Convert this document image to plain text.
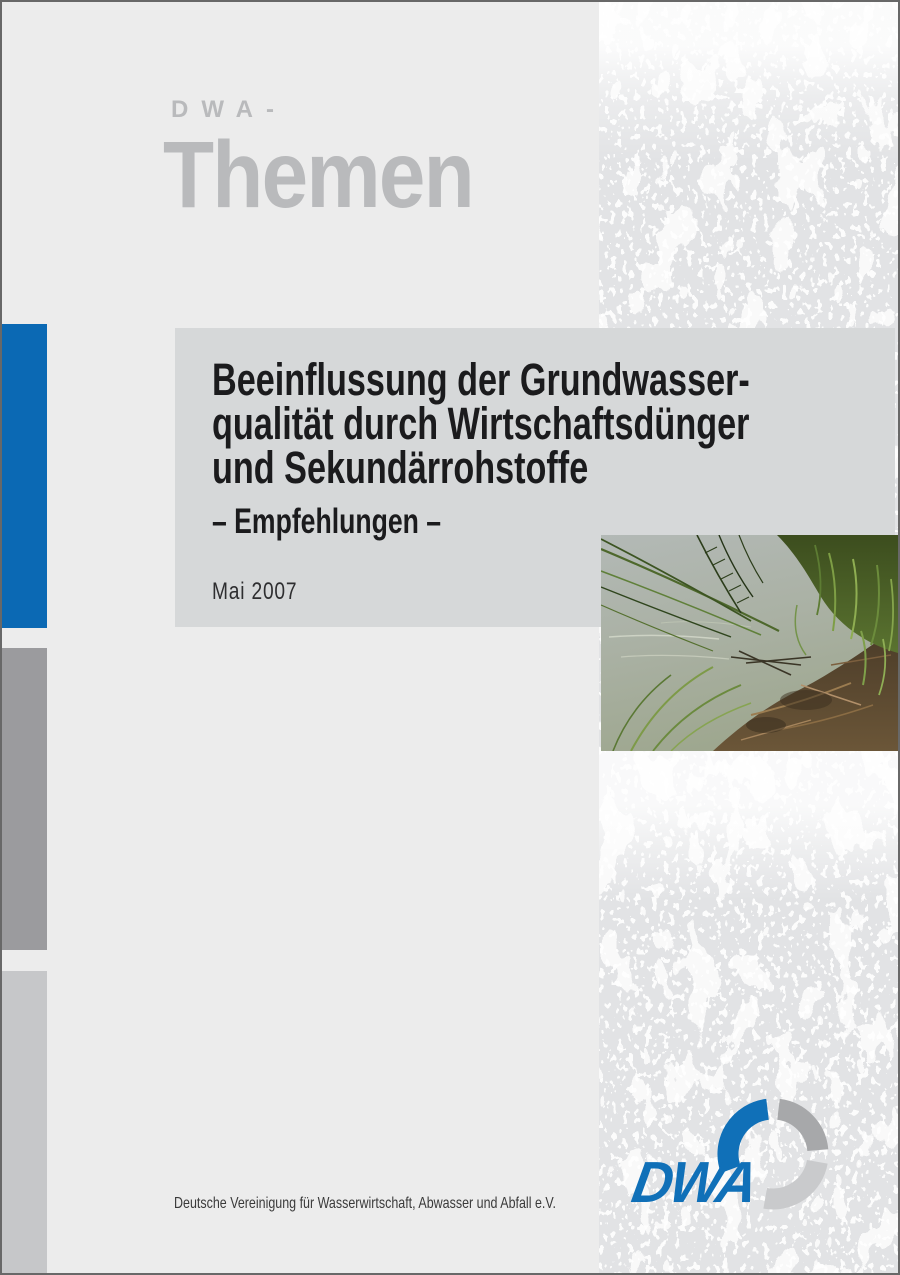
DWA-
Themen
Beeinflussung der Grundwasser-
qualität durch Wirtschaftsdünger
und Sekundärrohstoffe

– Empfehlungen –

Mai 2007
Deutsche Vereinigung für Wasserwirtschaft, Abwasser und Abfall e.V. DWA
